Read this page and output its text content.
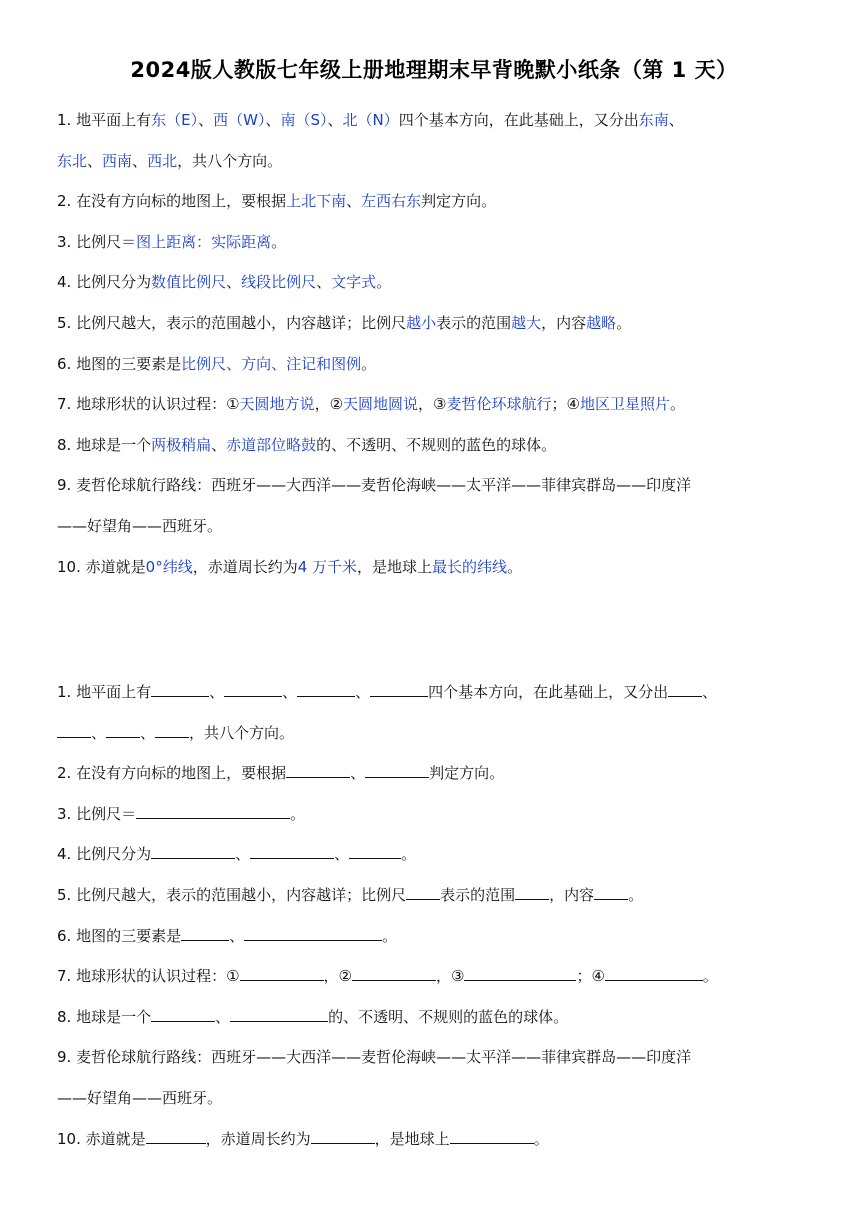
2024版人教版七年级上册地理期末早背晚默小纸条（第 1 天）
1. 地平面上有东（E）、西（W）、南（S）、北（N）四个基本方向，在此基础上，又分出东南、
东北、西南、西北，共八个方向。
2. 在没有方向标的地图上，要根据上北下南、左西右东判定方向。
3. 比例尺＝图上距离：实际距离。
4. 比例尺分为数值比例尺、线段比例尺、文字式。
5. 比例尺越大，表示的范围越小，内容越详；比例尺越小表示的范围越大，内容越略。
6. 地图的三要素是比例尺、方向、注记和图例。
7. 地球形状的认识过程：①天圆地方说，②天圆地圆说，③麦哲伦环球航行；④地区卫星照片。
8. 地球是一个两极稍扁、赤道部位略鼓的、不透明、不规则的蓝色的球体。
9. 麦哲伦球航行路线：西班牙——大西洋——麦哲伦海峡——太平洋——菲律宾群岛——印度洋
——好望角——西班牙。
10. 赤道就是0°纬线，赤道周长约为4 万千米，是地球上最长的纬线。
1. 地平面上有	、	、	、	四个基本方向，在此基础上，又分出 、
、 、 ，共八个方向。
2. 在没有方向标的地图上，要根据	、	判定方向。
3. 比例尺＝	。
4. 比例尺分为	、	、	。
5. 比例尺越大，表示的范围越小，内容越详；比例尺 表示的范围 ，内容 。
6. 地图的三要素是	、	。
7. 地球形状的认识过程：①	，②	，③	；④	。
8. 地球是一个	、	的、不透明、不规则的蓝色的球体。
9. 麦哲伦球航行路线：西班牙——大西洋——麦哲伦海峡——太平洋——菲律宾群岛——印度洋
——好望角——西班牙。
10. 赤道就是	，赤道周长约为	，是地球上	。
